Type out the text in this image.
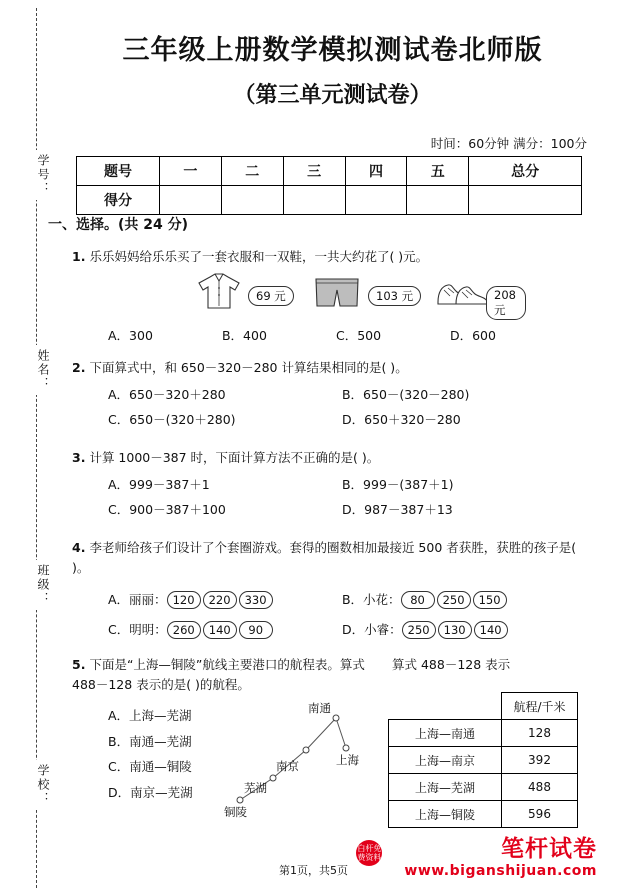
学号：
姓名：
班级：
学校：
三年级上册数学模拟测试卷北师版
（第三单元测试卷）
时间：60分钟 满分：100分
题号	一	二	三	四	五	总分
得分						
一、选择。(共 24 分)
1. 乐乐妈妈给乐乐买了一套衣服和一双鞋，一共大约花了( )元。
69 元	103 元	208 元
A．300	B．400	C．500	D．600
2. 下面算式中，和 650－320－280 计算结果相同的是( )。
A．650－320＋280	B．650－(320－280)
C．650－(320＋280)	D．650＋320－280
3. 计算 1000－387 时，下面计算方法不正确的是( )。
A．999－387＋1	B．999－(387＋1)
C．900－387＋100	D．987－387＋13
4. 李老师给孩子们设计了个套圈游戏。套得的圈数相加最接近 500 者获胜，获胜的孩子是( )。
A．丽丽： 120 220 330	B．小花： 80 250 150
C．明明： 260 140 90	D．小睿： 250 130 140
5. 下面是“上海—铜陵”航线主要港口的航程表。算式 488－128 表示的是( )的航程。
A．上海—芜湖
B．南通—芜湖
C．南通—铜陵
D．南京—芜湖
南通
上海
南京
芜湖
铜陵
算式 488－128 表示
	航程/千米
上海—南通	128
上海—南京	392
上海—芜湖	488
上海—铜陵	596
第1页，共5页
白杆免费资料	笔杆试卷
www.biganshijuan.com
